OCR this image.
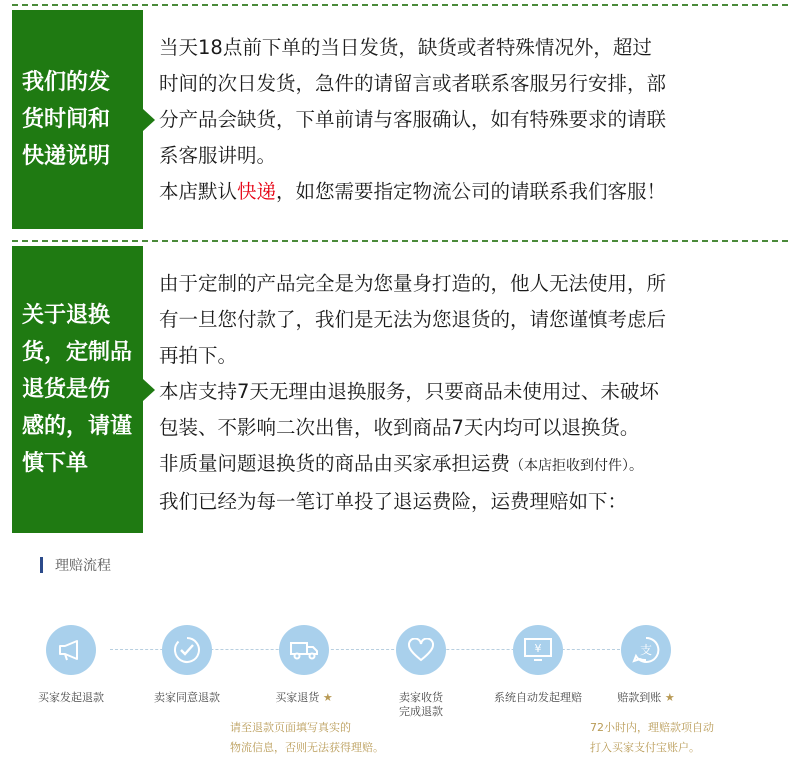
我们的发
货时间和
快递说明
当天18点前下单的当日发货，缺货或者特殊情况外，超过
时间的次日发货，急件的请留言或者联系客服另行安排，部
分产品会缺货，下单前请与客服确认，如有特殊要求的请联
系客服讲明。
本店默认快递，如您需要指定物流公司的请联系我们客服！
关于退换
货，定制品
退货是伤
感的，请谨
慎下单
由于定制的产品完全是为您量身打造的，他人无法使用，所
有一旦您付款了，我们是无法为您退货的，请您谨慎考虑后
再拍下。
本店支持7天无理由退换服务，只要商品未使用过、未破坏
包装、不影响二次出售，收到商品7天内均可以退换货。
非质量问题退换货的商品由买家承担运费（本店拒收到付件）。
我们已经为每一笔订单投了退运费险，运费理赔如下：
理赔流程
买家发起退款	卖家同意退款	买家退货 ★	卖家收货
完成退款
¥
系统自动发起理赔
支
赔款到账 ★
请至退款页面填写真实的
物流信息，否则无法获得理赔。
72小时内，理赔款项自动
打入买家支付宝账户。
